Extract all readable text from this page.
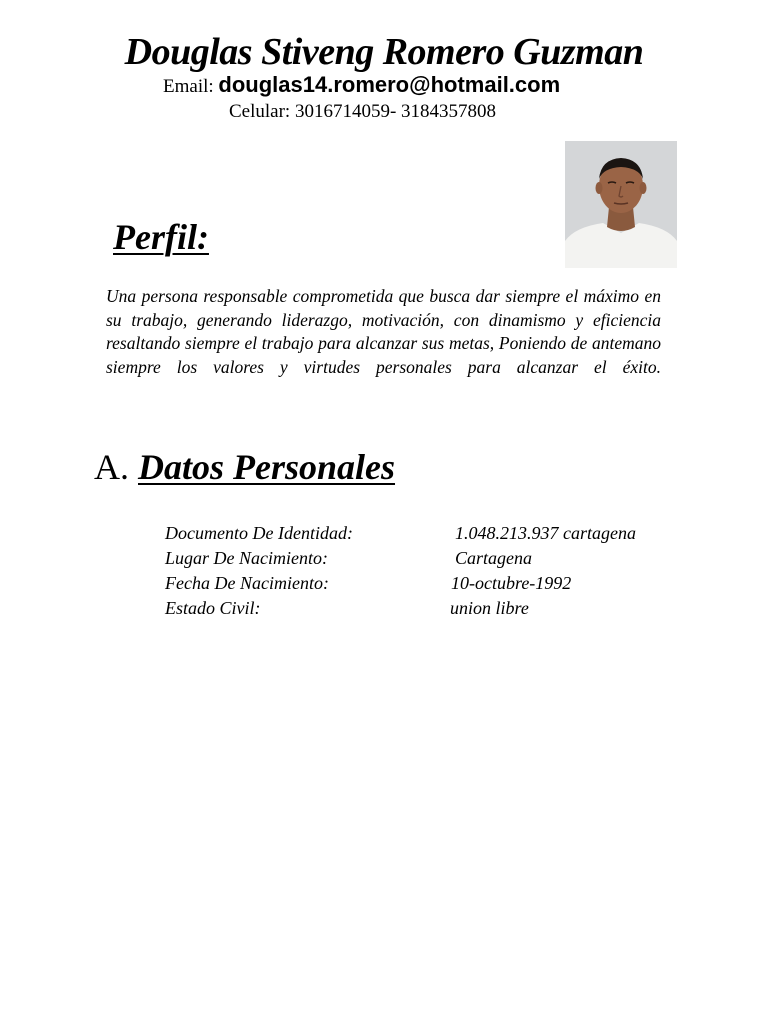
Douglas Stiveng Romero Guzman
Email: douglas14.romero@hotmail.com
Celular: 3016714059- 3184357808
Perfil:

Una persona responsable comprometida que busca dar siempre el máximo en su trabajo, generando liderazgo, motivación, con dinamismo y eficiencia resaltando siempre el trabajo para alcanzar sus metas, Poniendo de antemano siempre los valores y virtudes personales para alcanzar el éxito.

A. Datos Personales
Documento De Identidad:	1.048.213.937 cartagena
Lugar De Nacimiento:	Cartagena
Fecha De Nacimiento:	10-octubre-1992
Estado Civil:	union libre
